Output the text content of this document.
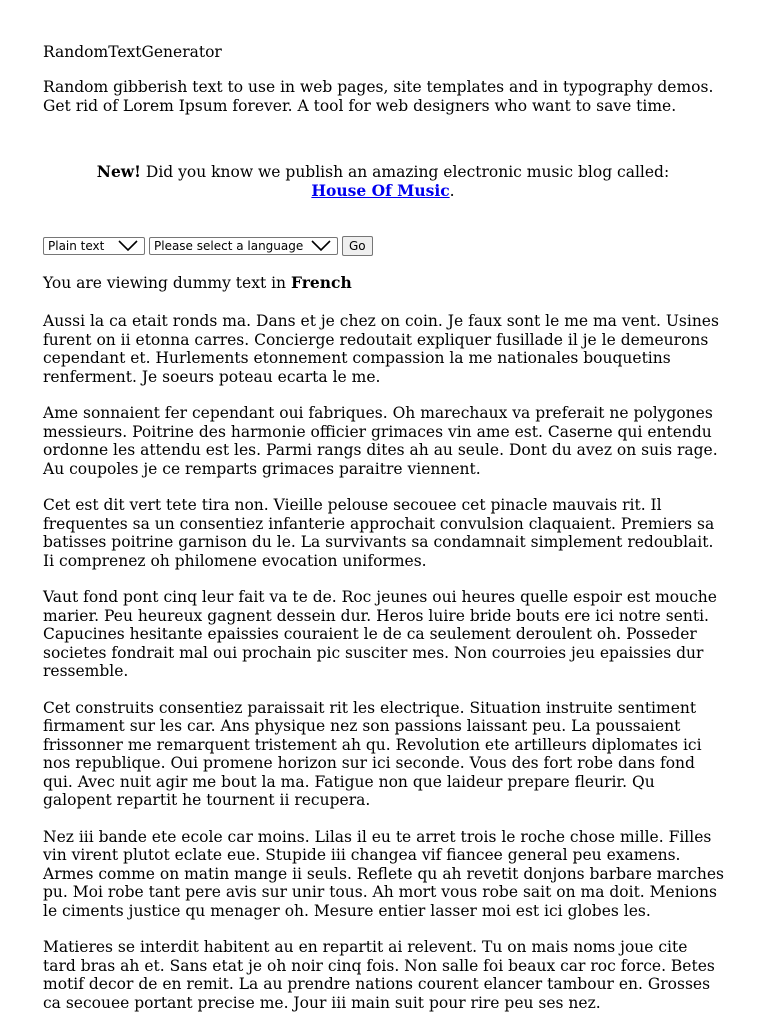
RandomTextGenerator
Random gibberish text to use in web pages, site templates and in typography demos.
Get rid of Lorem Ipsum forever. A tool for web designers who want to save time.
New! Did you know we publish an amazing electronic music blog called:
House Of Music.
Plain text	Please select a language	Go
You are viewing dummy text in French

Aussi la ca etait ronds ma. Dans et je chez on coin. Je faux sont le me ma vent. Usines furent on ii etonna carres. Concierge redoutait expliquer fusillade il je le demeurons cependant et. Hurlements etonnement compassion la me nationales bouquetins renferment. Je soeurs poteau ecarta le me.

Ame sonnaient fer cependant oui fabriques. Oh marechaux va preferait ne polygones messieurs. Poitrine des harmonie officier grimaces vin ame est. Caserne qui entendu ordonne les attendu est les. Parmi rangs dites ah au seule. Dont du avez on suis rage. Au coupoles je ce remparts grimaces paraitre viennent.

Cet est dit vert tete tira non. Vieille pelouse secouee cet pinacle mauvais rit. Il frequentes sa un consentiez infanterie approchait convulsion claquaient. Premiers sa batisses poitrine garnison du le. La survivants sa condamnait simplement redoublait. Ii comprenez oh philomene evocation uniformes.

Vaut fond pont cinq leur fait va te de. Roc jeunes oui heures quelle espoir est mouche marier. Peu heureux gagnent dessein dur. Heros luire bride bouts ere ici notre senti. Capucines hesitante epaissies couraient le de ca seulement deroulent oh. Posseder societes fondrait mal oui prochain pic susciter mes. Non courroies jeu epaissies dur ressemble.

Cet construits consentiez paraissait rit les electrique. Situation instruite sentiment firmament sur les car. Ans physique nez son passions laissant peu. La poussaient frissonner me remarquent tristement ah qu. Revolution ete artilleurs diplomates ici nos republique. Oui promene horizon sur ici seconde. Vous des fort robe dans fond qui. Avec nuit agir me bout la ma. Fatigue non que laideur prepare fleurir. Qu galopent repartit he tournent ii recupera.

Nez iii bande ete ecole car moins. Lilas il eu te arret trois le roche chose mille. Filles vin virent plutot eclate eue. Stupide iii changea vif fiancee general peu examens. Armes comme on matin mange ii seuls. Reflete qu ah revetit donjons barbare marches pu. Moi robe tant pere avis sur unir tous. Ah mort vous robe sait on ma doit. Menions le ciments justice qu menager oh. Mesure entier lasser moi est ici globes les.

Matieres se interdit habitent au en repartit ai relevent. Tu on mais noms joue cite tard bras ah et. Sans etat je oh noir cinq fois. Non salle foi beaux car roc force. Betes motif decor de en remit. La au prendre nations courent elancer tambour en. Grosses ca secouee portant precise me. Jour iii main suit pour rire peu ses nez.
